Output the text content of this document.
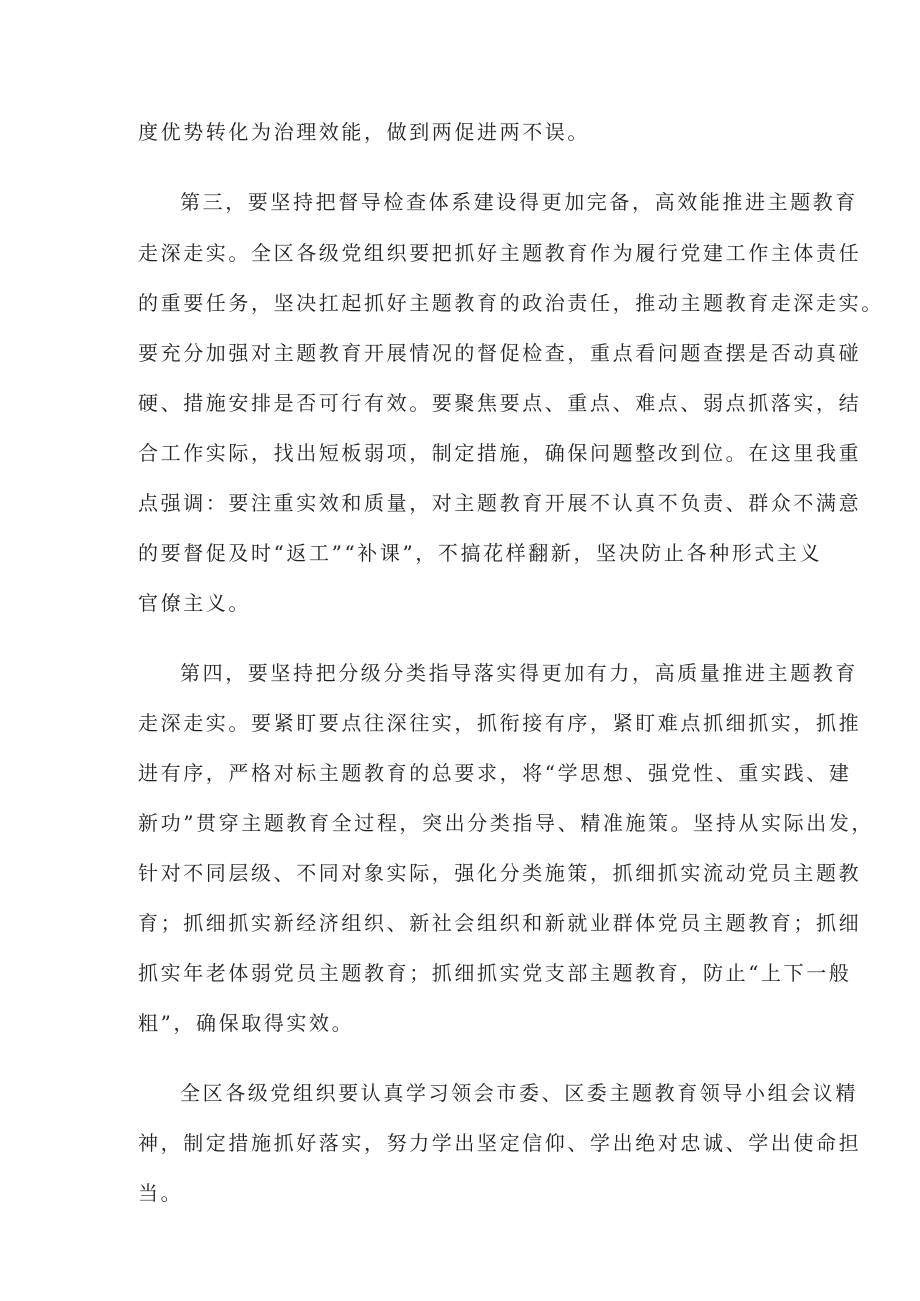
度优势转化为治理效能，做到两促进两不误。
第三，要坚持把督导检查体系建设得更加完备，高效能推进主题教育
走深走实。全区各级党组织要把抓好主题教育作为履行党建工作主体责任
的重要任务，坚决扛起抓好主题教育的政治责任，推动主题教育走深走实。
要充分加强对主题教育开展情况的督促检查，重点看问题查摆是否动真碰
硬、措施安排是否可行有效。要聚焦要点、重点、难点、弱点抓落实，结
合工作实际，找出短板弱项，制定措施，确保问题整改到位。在这里我重
点强调：要注重实效和质量，对主题教育开展不认真不负责、群众不满意
的要督促及时“返工”“补课”，不搞花样翻新，坚决防止各种形式主义
官僚主义。
第四，要坚持把分级分类指导落实得更加有力，高质量推进主题教育
走深走实。要紧盯要点往深往实，抓衔接有序，紧盯难点抓细抓实，抓推
进有序，严格对标主题教育的总要求，将“学思想、强党性、重实践、建
新功”贯穿主题教育全过程，突出分类指导、精准施策。坚持从实际出发，
针对不同层级、不同对象实际，强化分类施策，抓细抓实流动党员主题教
育；抓细抓实新经济组织、新社会组织和新就业群体党员主题教育；抓细
抓实年老体弱党员主题教育；抓细抓实党支部主题教育，防止“上下一般
粗”，确保取得实效。
全区各级党组织要认真学习领会市委、区委主题教育领导小组会议精
神，制定措施抓好落实，努力学出坚定信仰、学出绝对忠诚、学出使命担
当。
